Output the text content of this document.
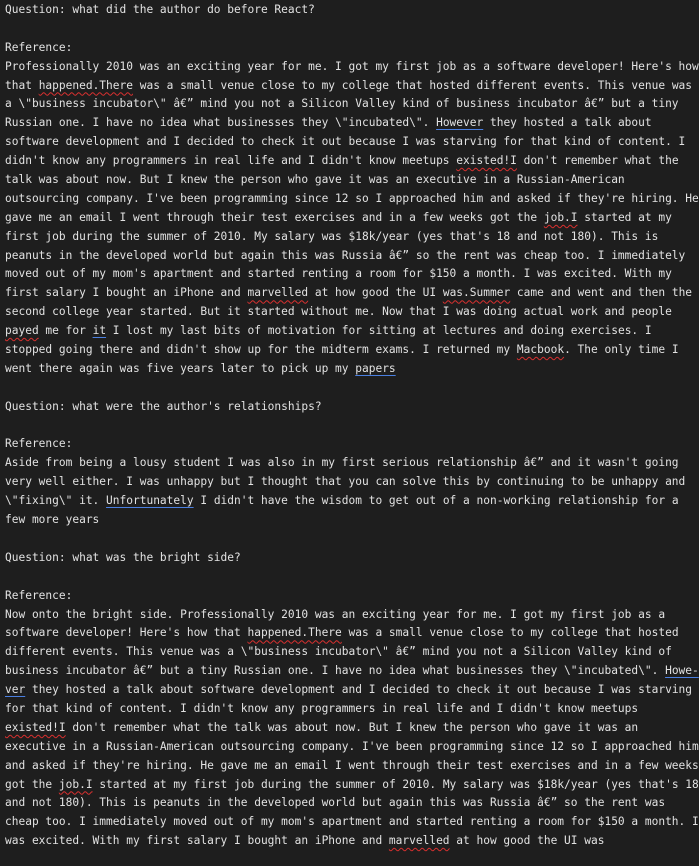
Question: what did the author do before React?
Reference:
Professionally 2010 was an exciting year for me. I got my first job as a software developer! Here's how
that happened.There was a small venue close to my college that hosted different events. This venue was
a \"business incubator\" â€” mind you not a Silicon Valley kind of business incubator â€” but a tiny
Russian one. I have no idea what businesses they \"incubated\". However they hosted a talk about
software development and I decided to check it out because I was starving for that kind of content. I
didn't know any programmers in real life and I didn't know meetups existed!I don't remember what the
talk was about now. But I knew the person who gave it was an executive in a Russian-American
outsourcing company. I've been programming since 12 so I approached him and asked if they're hiring. He
gave me an email I went through their test exercises and in a few weeks got the job.I started at my
first job during the summer of 2010. My salary was $18k/year (yes that's 18 and not 180). This is
peanuts in the developed world but again this was Russia â€” so the rent was cheap too. I immediately
moved out of my mom's apartment and started renting a room for $150 a month. I was excited. With my
first salary I bought an iPhone and marvelled at how good the UI was.Summer came and went and then the
second college year started. But it started without me. Now that I was doing actual work and people
payed me for it I lost my last bits of motivation for sitting at lectures and doing exercises. I
stopped going there and didn't show up for the midterm exams. I returned my Macbook. The only time I
went there again was five years later to pick up my papers
Question: what were the author's relationships?
Reference:
Aside from being a lousy student I was also in my first serious relationship â€” and it wasn't going
very well either. I was unhappy but I thought that you can solve this by continuing to be unhappy and
\"fixing\" it. Unfortunately I didn't have the wisdom to get out of a non-working relationship for a
few more years
Question: what was the bright side?
Reference:
Now onto the bright side. Professionally 2010 was an exciting year for me. I got my first job as a
software developer! Here's how that happened.There was a small venue close to my college that hosted
different events. This venue was a \"business incubator\" â€” mind you not a Silicon Valley kind of
business incubator â€” but a tiny Russian one. I have no idea what businesses they \"incubated\". Howe-
ver they hosted a talk about software development and I decided to check it out because I was starving
for that kind of content. I didn't know any programmers in real life and I didn't know meetups
existed!I don't remember what the talk was about now. But I knew the person who gave it was an
executive in a Russian-American outsourcing company. I've been programming since 12 so I approached him
and asked if they're hiring. He gave me an email I went through their test exercises and in a few weeks
got the job.I started at my first job during the summer of 2010. My salary was $18k/year (yes that's 18
and not 180). This is peanuts in the developed world but again this was Russia â€” so the rent was
cheap too. I immediately moved out of my mom's apartment and started renting a room for $150 a month. I
was excited. With my first salary I bought an iPhone and marvelled at how good the UI was
